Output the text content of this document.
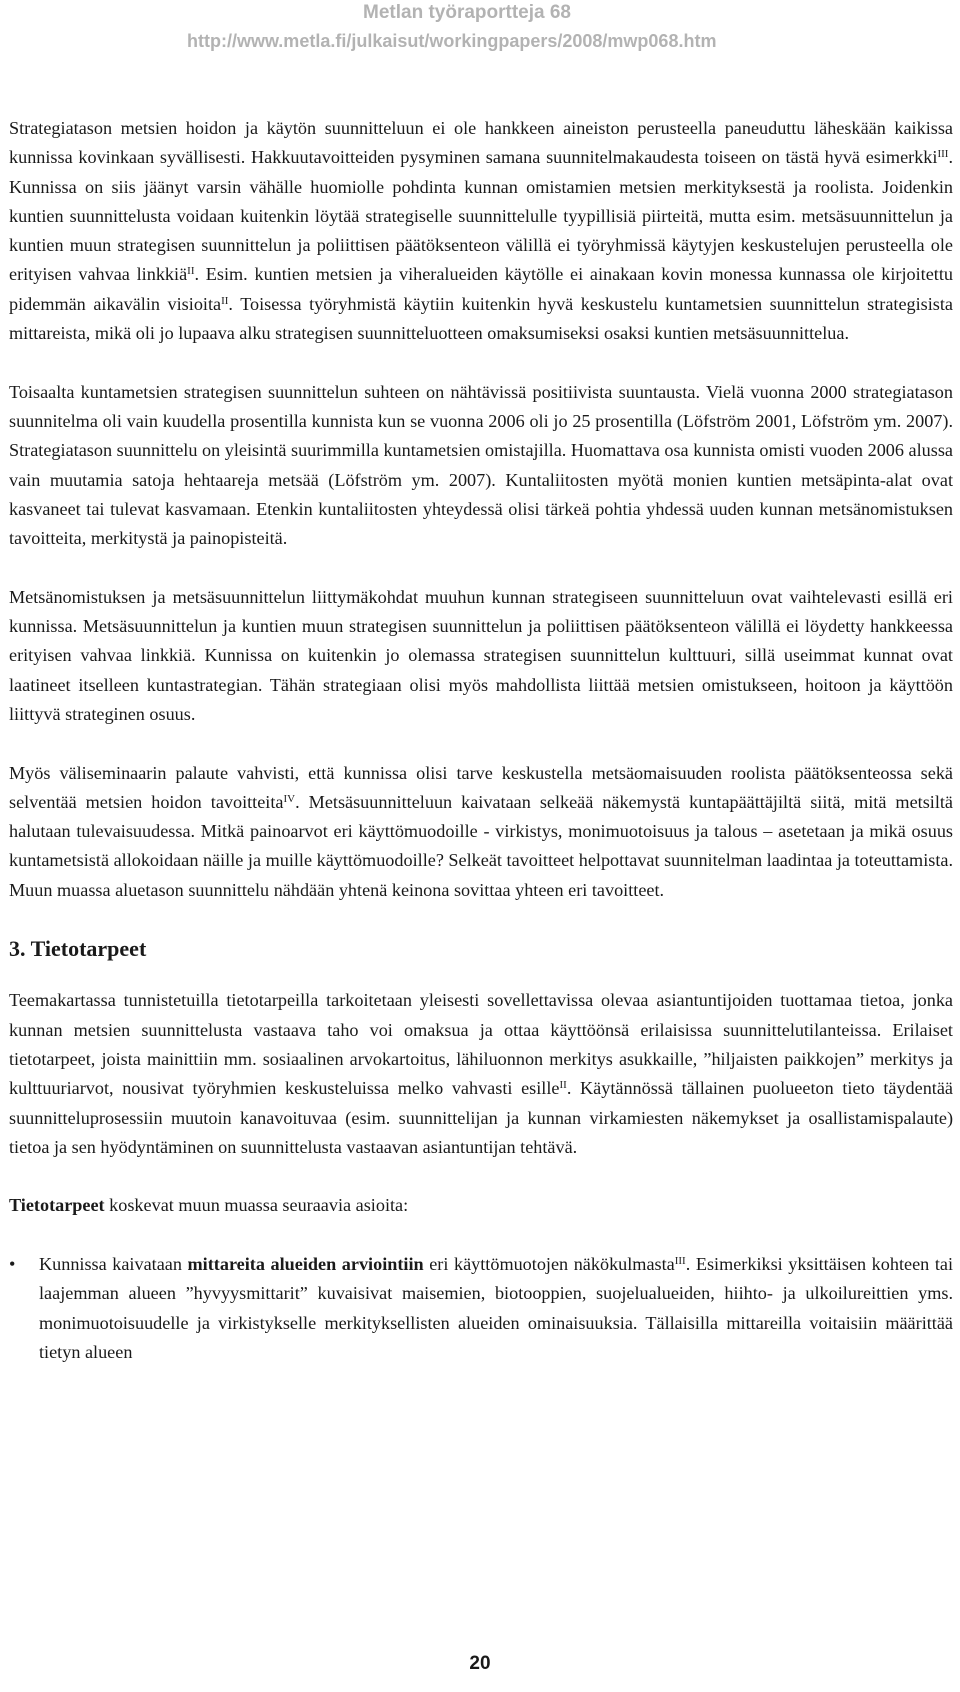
Metlan työraportteja 68
http://www.metla.fi/julkaisut/workingpapers/2008/mwp068.htm

Strategiatason metsien hoidon ja käytön suunnitteluun ei ole hankkeen aineiston perusteella paneuduttu läheskään kaikissa kunnissa kovinkaan syvällisesti. Hakkuutavoitteiden pysyminen samana suunnitelmakaudesta toiseen on tästä hyvä esimerkki$^{III}$. Kunnissa on siis jäänyt varsin vähälle huomiolle pohdinta kunnan omistamien metsien merkityksestä ja roolista. Joidenkin kuntien suunnittelusta voidaan kuitenkin löytää strategiselle suunnittelulle tyypillisiä piirteitä, mutta esim. metsäsuunnittelun ja kuntien muun strategisen suunnittelun ja poliittisen päätöksenteon välillä ei työryhmissä käytyjen keskustelujen perusteella ole erityisen vahvaa linkkiä$^{II}$. Esim. kuntien metsien ja viheralueiden käytölle ei ainakaan kovin monessa kunnassa ole kirjoitettu pidemmän aikavälin visioita$^{II}$. Toisessa työryhmistä käytiin kuitenkin hyvä keskustelu kuntametsien suunnittelun strategisista mittareista, mikä oli jo lupaava alku strategisen suunnitteluotteen omaksumiseksi osaksi kuntien metsäsuunnittelua.

Toisaalta kuntametsien strategisen suunnittelun suhteen on nähtävissä positiivista suuntausta. Vielä vuonna 2000 strategiatason suunnitelma oli vain kuudella prosentilla kunnista kun se vuonna 2006 oli jo 25 prosentilla (Löfström 2001, Löfström ym. 2007). Strategiatason suunnittelu on yleisintä suurimmilla kuntametsien omistajilla. Huomattava osa kunnista omisti vuoden 2006 alussa vain muutamia satoja hehtaareja metsää (Löfström ym. 2007). Kuntaliitosten myötä monien kuntien metsäpinta-alat ovat kasvaneet tai tulevat kasvamaan. Etenkin kuntaliitosten yhteydessä olisi tärkeä pohtia yhdessä uuden kunnan metsänomistuksen tavoitteita, merkitystä ja painopisteitä.

Metsänomistuksen ja metsäsuunnittelun liittymäkohdat muuhun kunnan strategiseen suunnitteluun ovat vaihtelevasti esillä eri kunnissa. Metsäsuunnittelun ja kuntien muun strategisen suunnittelun ja poliittisen päätöksenteon välillä ei löydetty hankkeessa erityisen vahvaa linkkiä. Kunnissa on kuitenkin jo olemassa strategisen suunnittelun kulttuuri, sillä useimmat kunnat ovat laatineet itselleen kuntastrategian. Tähän strategiaan olisi myös mahdollista liittää metsien omistukseen, hoitoon ja käyttöön liittyvä strateginen osuus.

Myös väliseminaarin palaute vahvisti, että kunnissa olisi tarve keskustella metsäomaisuuden roolista päätöksenteossa sekä selventää metsien hoidon tavoitteita$^{IV}$. Metsäsuunnitteluun kaivataan selkeää näkemystä kuntapäättäjiltä siitä, mitä metsiltä halutaan tulevaisuudessa. Mitkä painoarvot eri käyttömuodoille - virkistys, monimuotoisuus ja talous – asetetaan ja mikä osuus kuntametsistä allokoidaan näille ja muille käyttömuodoille? Selkeät tavoitteet helpottavat suunnitelman laadintaa ja toteuttamista. Muun muassa aluetason suunnittelu nähdään yhtenä keinona sovittaa yhteen eri tavoitteet.

3. Tietotarpeet

Teemakartassa tunnistetuilla tietotarpeilla tarkoitetaan yleisesti sovellettavissa olevaa asiantuntijoiden tuottamaa tietoa, jonka kunnan metsien suunnittelusta vastaava taho voi omaksua ja ottaa käyttöönsä erilaisissa suunnittelutilanteissa. Erilaiset tietotarpeet, joista mainittiin mm. sosiaalinen arvokartoitus, lähiluonnon merkitys asukkaille, ”hiljaisten paikkojen” merkitys ja kulttuuriarvot, nousivat työryhmien keskusteluissa melko vahvasti esille$^{II}$. Käytännössä tällainen puolueeton tieto täydentää suunnitteluprosessiin muutoin kanavoituvaa (esim. suunnittelijan ja kunnan virkamiesten näkemykset ja osallistamispalaute) tietoa ja sen hyödyntäminen on suunnittelusta vastaavan asiantuntijan tehtävä.

Tietotarpeet koskevat muun muassa seuraavia asioita:

• Kunnissa kaivataan mittareita alueiden arviointiin eri käyttömuotojen näkökulmasta$^{III}$. Esimerkiksi yksittäisen kohteen tai laajemman alueen ”hyvyysmittarit” kuvaisivat maisemien, biotooppien, suojelualueiden, hiihto- ja ulkoilureittien yms. monimuotoisuudelle ja virkistykselle merkityksellisten alueiden ominaisuuksia. Tällaisilla mittareilla voitaisiin määrittää tietyn alueen
20
